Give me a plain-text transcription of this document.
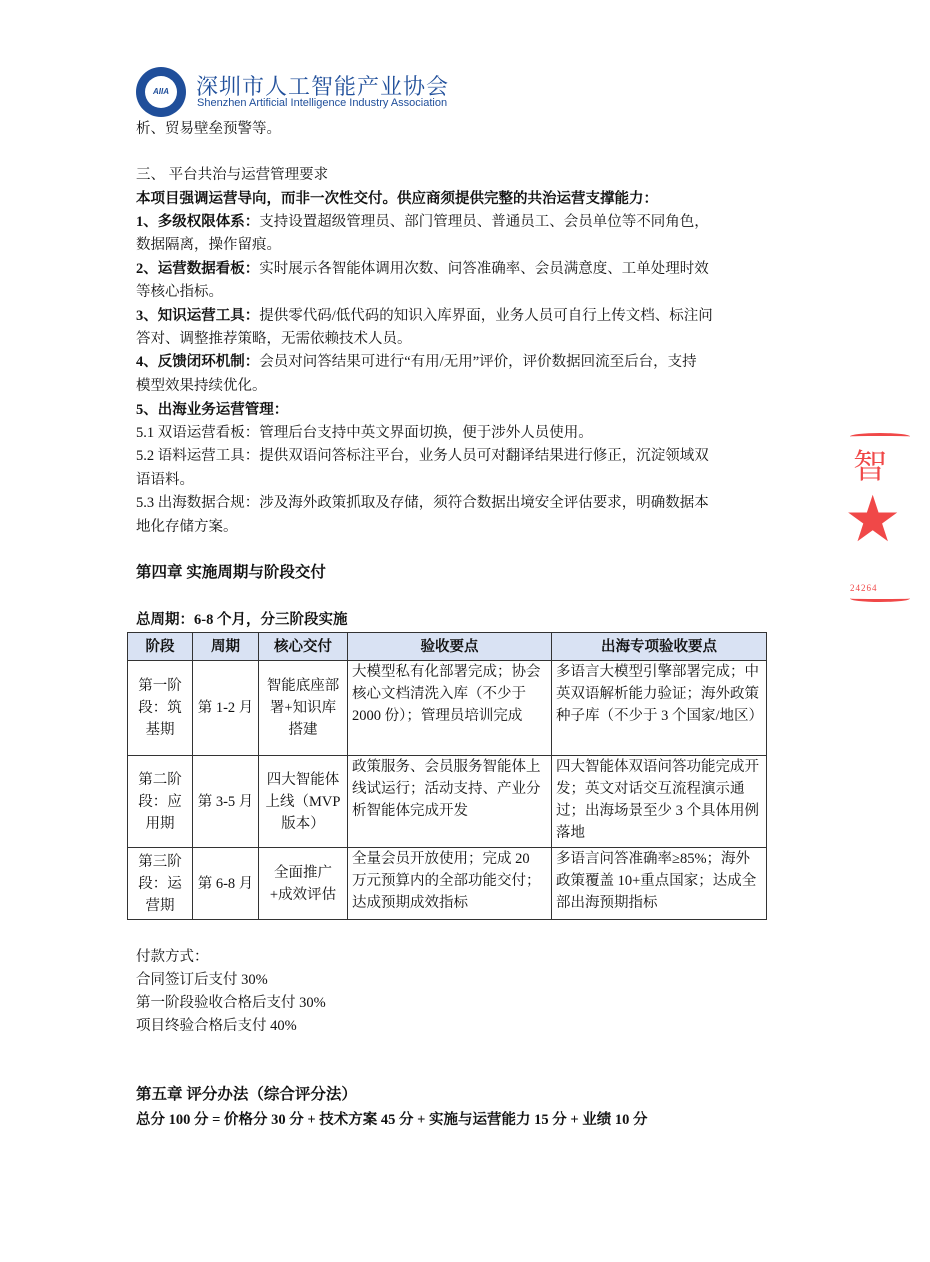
AIIA	深圳市人工智能产业协会
Shenzhen Artificial Intelligence Industry Association
析、贸易壁垒预警等。
三、 平台共治与运营管理要求
本项目强调运营导向，而非一次性交付。供应商须提供完整的共治运营支撑能力：
1、多级权限体系：支持设置超级管理员、部门管理员、普通员工、会员单位等不同角色，
数据隔离，操作留痕。
2、运营数据看板：实时展示各智能体调用次数、问答准确率、会员满意度、工单处理时效
等核心指标。
3、知识运营工具：提供零代码/低代码的知识入库界面，业务人员可自行上传文档、标注问
答对、调整推荐策略，无需依赖技术人员。
4、反馈闭环机制：会员对问答结果可进行“有用/无用”评价，评价数据回流至后台，支持
模型效果持续优化。
5、出海业务运营管理：
5.1 双语运营看板：管理后台支持中英文界面切换，便于涉外人员使用。
5.2 语料运营工具：提供双语问答标注平台，业务人员可对翻译结果进行修正，沉淀领域双
语语料。
5.3 出海数据合规：涉及海外政策抓取及存储，须符合数据出境安全评估要求，明确数据本
地化存储方案。
第四章 实施周期与阶段交付
总周期：6-8 个月，分三阶段实施
付款方式：
合同签订后支付 30%
第一阶段验收合格后支付 30%
项目终验合格后支付 40%
第五章 评分办法（综合评分法）
总分 100 分 = 价格分 30 分 + 技术方案 45 分 + 实施与运营能力 15 分 + 业绩 10 分
阶段	周期	核心交付	验收要点	出海专项验收要点
第一阶段：筑基期	第 1-2 月	智能底座部署+知识库搭建	大模型私有化部署完成；协会核心文档清洗入库（不少于 2000 份）；管理员培训完成	多语言大模型引擎部署完成；中英双语解析能力验证；海外政策种子库（不少于 3 个国家/地区）
第二阶段：应用期	第 3-5 月	四大智能体上线（MVP 版本）	政策服务、会员服务智能体上线试运行；活动支持、产业分析智能体完成开发	四大智能体双语问答功能完成开发；英文对话交互流程演示通过；出海场景至少 3 个具体用例落地
第三阶段：运营期	第 6-8 月	全面推广+成效评估	全量会员开放使用；完成 20 万元预算内的全部功能交付；达成预期成效指标	多语言问答准确率≥85%；海外政策覆盖 10+重点国家；达成全部出海预期指标
智
★
24264
